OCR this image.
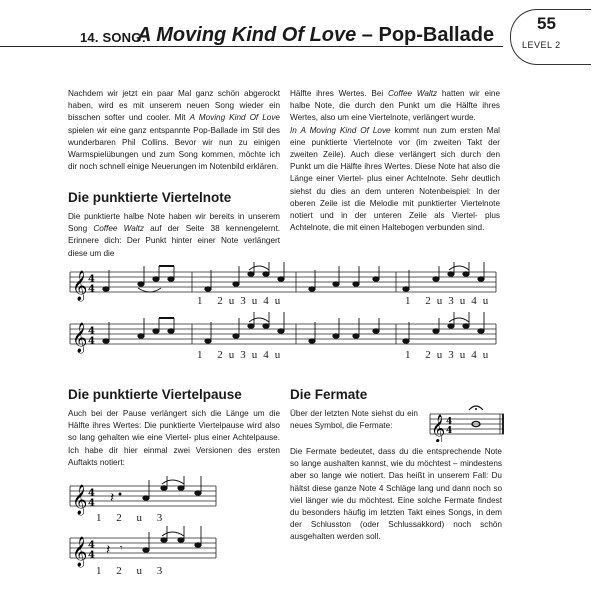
14. SONG:
A Moving Kind Of Love – Pop-Ballade
55
LEVEL 2

Nachdem wir jetzt ein paar Mal ganz schön abgerockt haben, wird es mit unserem neuen Song wieder ein bisschen softer und cooler. Mit A Moving Kind Of Love spielen wir eine ganz entspannte Pop-Ballade im Stil des wunderbaren Phil Collins. Bevor wir nun zu einigen Warmspielübungen und zum Song kommen, möchte ich dir noch schnell einige Neuerungen im Notenbild erklären.

Die punktierte Viertelnote

Die punktierte halbe Note haben wir bereits in unserem Song Coffee Waltz auf der Seite 38 kennengelernt. Erinnere dich: Der Punkt hinter einer Note verlängert diese um die

Hälfte ihres Wertes. Bei Coffee Waltz hatten wir eine halbe Note, die durch den Punkt um die Hälfte ihres Wertes, also um eine Viertelnote, verlängert wurde.

In A Moving Kind Of Love kommt nun zum ersten Mal eine punktierte Viertelnote vor (im zweiten Takt der zweiten Zeile). Auch diese verlängert sich durch den Punkt um die Hälfte ihres Wertes. Diese Note hat also die Länge einer Viertel- plus einer Achtelnote. Sehr deutlich siehst du dies an dem unteren Notenbeispiel: In der oberen Zeile ist die Melodie mit punktierter Viertelnote notiert und in der unteren Zeile als Viertel- plus Achtelnote, die mit einen Haltebogen verbunden sind.

𝄞 4
4
𝄞 4
4
1 2u3u4u	1 2u3u4u
1 2u3u4u	1 2u3u4u
Die punktierte Viertelpause
Auch bei der Pause verlängert sich die Länge um die Hälfte ihres Wertes: Die punktierte Viertelpause wird also so lang gehalten wie eine Viertel- plus einer Achtelpause. Ich habe dir hier einmal zwei Versionen des ersten Auftakts notiert:
𝄞 4
4 𝄽
𝄞 4
4 𝄽 𝄾
1 2 u 3
1 2 u 3
Die Fermate
Über der letzten Note siehst du ein neues Symbol, die Fermate:	𝄞 4
4
Die Fermate bedeutet, dass du die entsprechende Note so lange aushalten kannst, wie du möchtest – mindestens aber so lange wie notiert. Das heißt in unserem Fall: Du hältst diese ganze Note 4 Schläge lang und dann noch so viel länger wie du möchtest. Eine solche Fermate findest du besonders häufig im letzten Takt eines Songs, in dem der Schlusston (oder Schlussakkord) noch schön ausgehalten werden soll.
